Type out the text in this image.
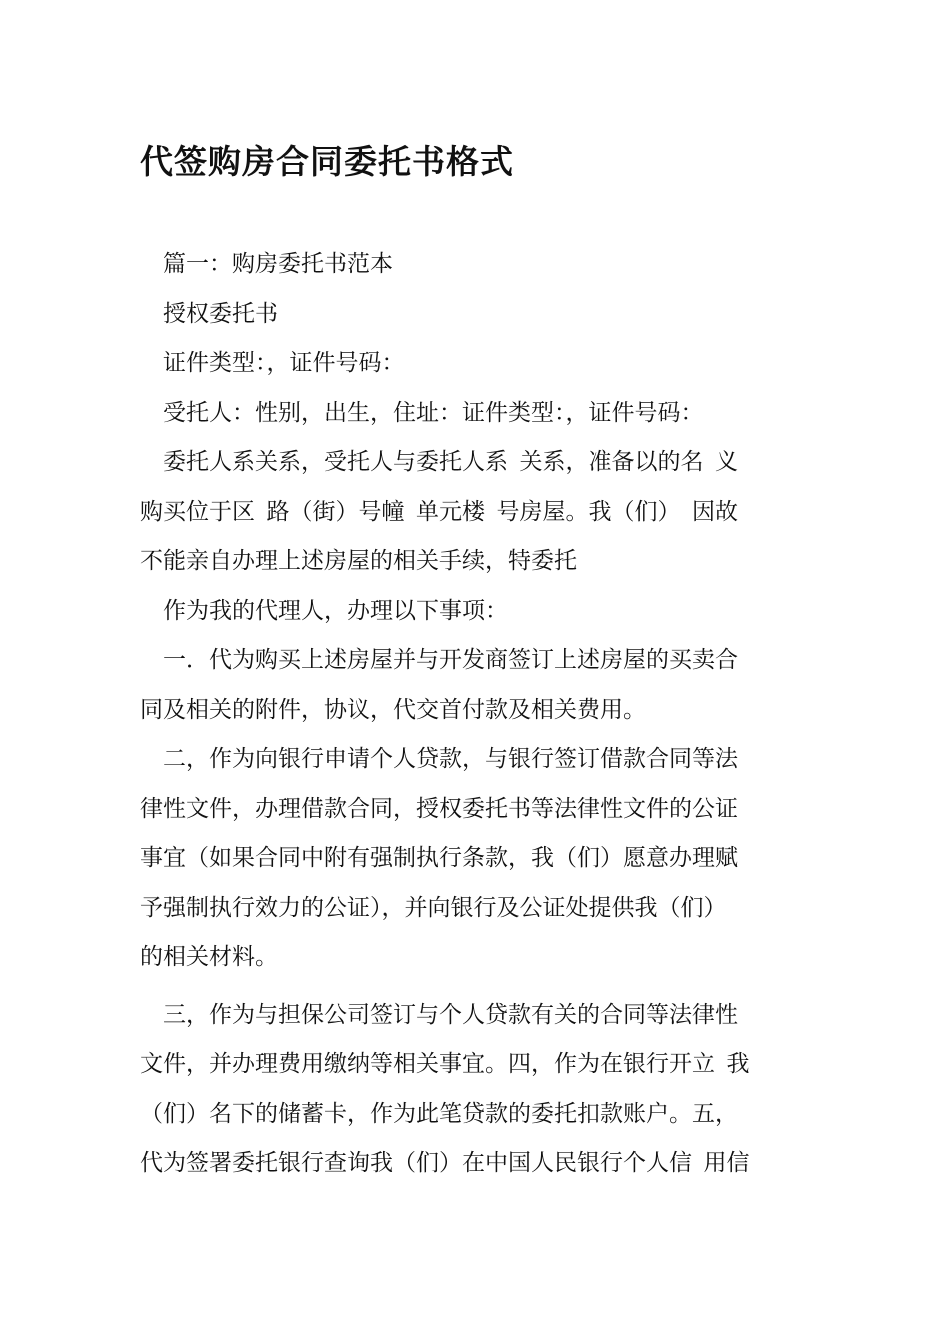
代签购房合同委托书格式
　篇一：购房委托书范本
　授权委托书
　证件类型：，证件号码：
　受托人：性别，出生，住址：证件类型：，证件号码：
　委托人系关系，受托人与委托人系 关系，准备以的名 义
购买位于区 路（街）号幢 单元楼 号房屋。我（们） 因故
不能亲自办理上述房屋的相关手续，特委托
　作为我的代理人，办理以下事项：
　一．代为购买上述房屋并与开发商签订上述房屋的买卖合
同及相关的附件，协议，代交首付款及相关费用。
　二，作为向银行申请个人贷款，与银行签订借款合同等法
律性文件，办理借款合同，授权委托书等法律性文件的公证
事宜（如果合同中附有强制执行条款，我（们）愿意办理赋
予强制执行效力的公证），并向银行及公证处提供我（们）
的相关材料。
　三，作为与担保公司签订与个人贷款有关的合同等法律性
文件，并办理费用缴纳等相关事宜。四，作为在银行开立 我
（们）名下的储蓄卡，作为此笔贷款的委托扣款账户。五，
代为签署委托银行查询我（们）在中国人民银行个人信 用信
